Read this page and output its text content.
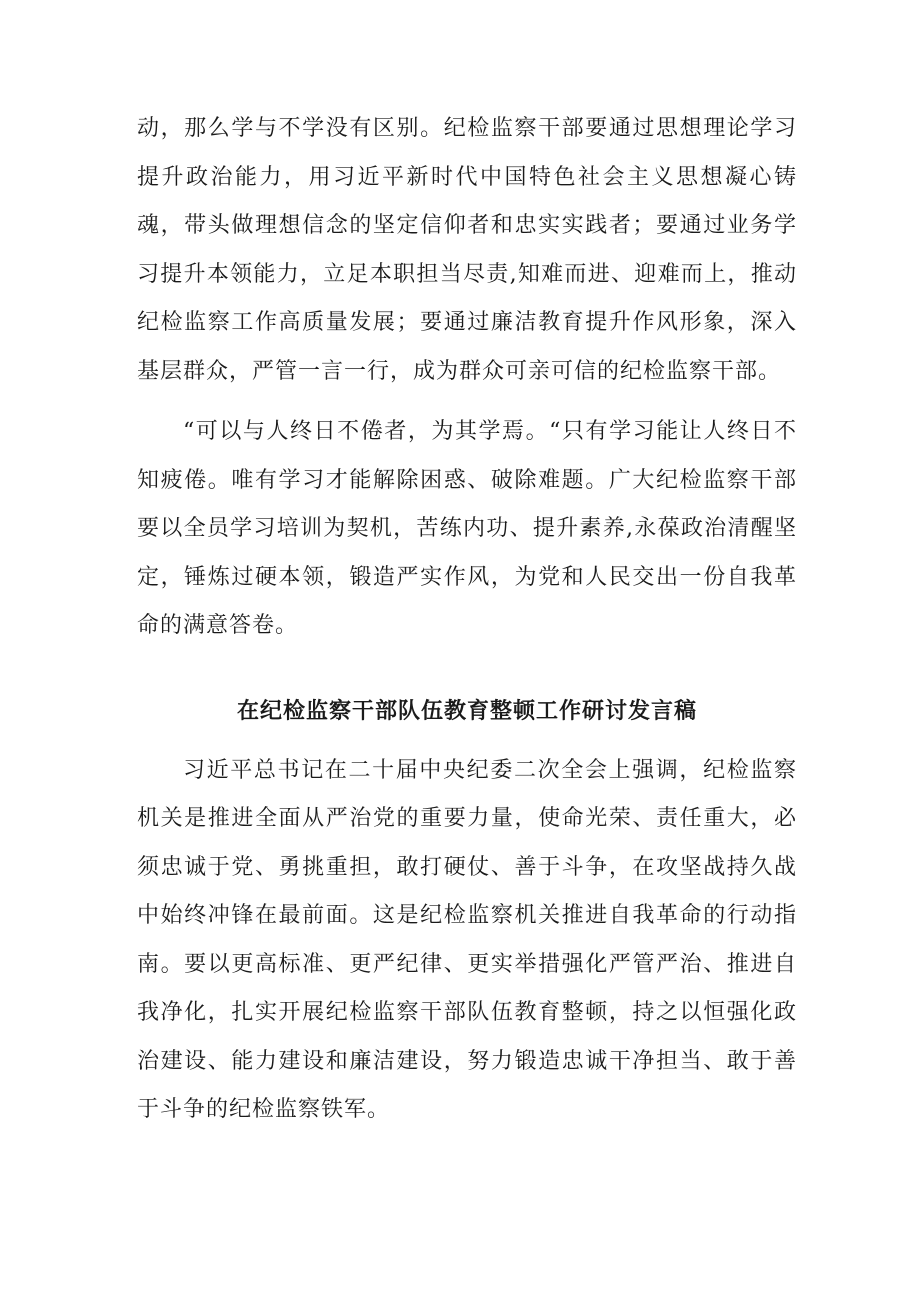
动，那么学与不学没有区别。纪检监察干部要通过思想理论学习提升政治能力，用习近平新时代中国特色社会主义思想凝心铸魂，带头做理想信念的坚定信仰者和忠实实践者；要通过业务学习提升本领能力，立足本职担当尽责,知难而进、迎难而上，推动纪检监察工作高质量发展；要通过廉洁教育提升作风形象，深入基层群众，严管一言一行，成为群众可亲可信的纪检监察干部。

“可以与人终日不倦者，为其学焉。“只有学习能让人终日不知疲倦。唯有学习才能解除困惑、破除难题。广大纪检监察干部要以全员学习培训为契机，苦练内功、提升素养,永葆政治清醒坚定，锤炼过硬本领，锻造严实作风，为党和人民交出一份自我革命的满意答卷。

在纪检监察干部队伍教育整顿工作研讨发言稿

习近平总书记在二十届中央纪委二次全会上强调，纪检监察机关是推进全面从严治党的重要力量，使命光荣、责任重大，必须忠诚于党、勇挑重担，敢打硬仗、善于斗争，在攻坚战持久战中始终冲锋在最前面。这是纪检监察机关推进自我革命的行动指南。要以更高标准、更严纪律、更实举措强化严管严治、推进自我净化，扎实开展纪检监察干部队伍教育整顿，持之以恒强化政治建设、能力建设和廉洁建设，努力锻造忠诚干净担当、敢于善于斗争的纪检监察铁军。
